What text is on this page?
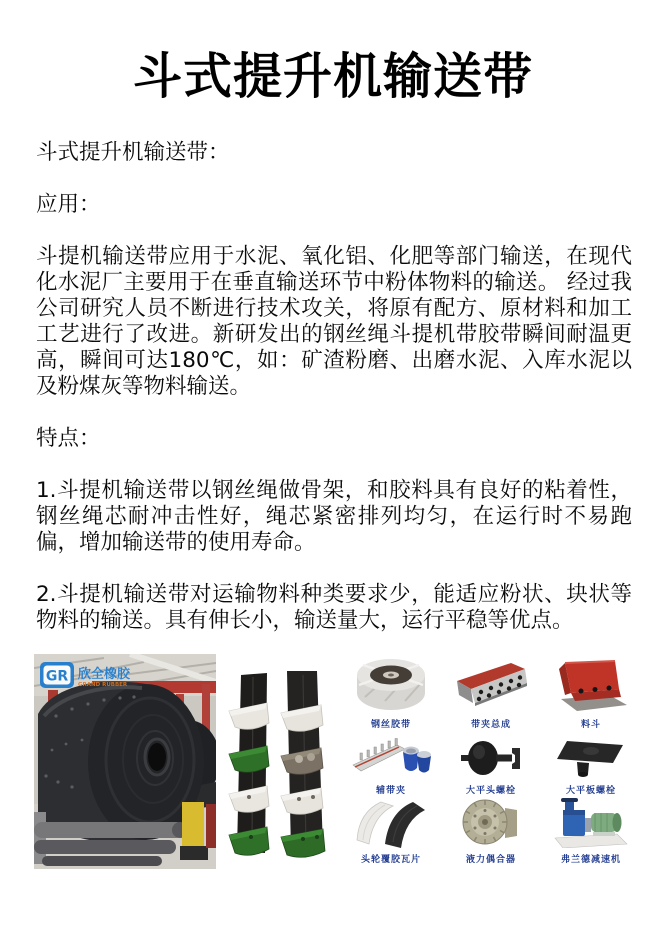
斗式提升机输送带

斗式提升机输送带：

应用：

斗提机输送带应用于水泥、氧化铝、化肥等部门输送，在现代化水泥厂主要用于在垂直输送环节中粉体物料的输送。 经过我公司研究人员不断进行技术攻关，将原有配方、原材料和加工工艺进行了改进。新研发出的钢丝绳斗提机带胶带瞬间耐温更高，瞬间可达180℃，如：矿渣粉磨、出磨水泥、入库水泥以及粉煤灰等物料输送。

特点：

1.斗提机输送带以钢丝绳做骨架，和胶料具有良好的粘着性，钢丝绳芯耐冲击性好，绳芯紧密排列均匀，在运行时不易跑偏，增加输送带的使用寿命。

2.斗提机输送带对运输物料种类要求少，能适应粉状、块状等物料的输送。具有伸长小，输送量大，运行平稳等优点。

GR 欣全橡胶
GRAND RUBBER
钢丝胶带	带夹总成	料斗
辅带夹	大平头螺栓	大平板螺栓
头轮覆胶瓦片	液力偶合器	弗兰德减速机
